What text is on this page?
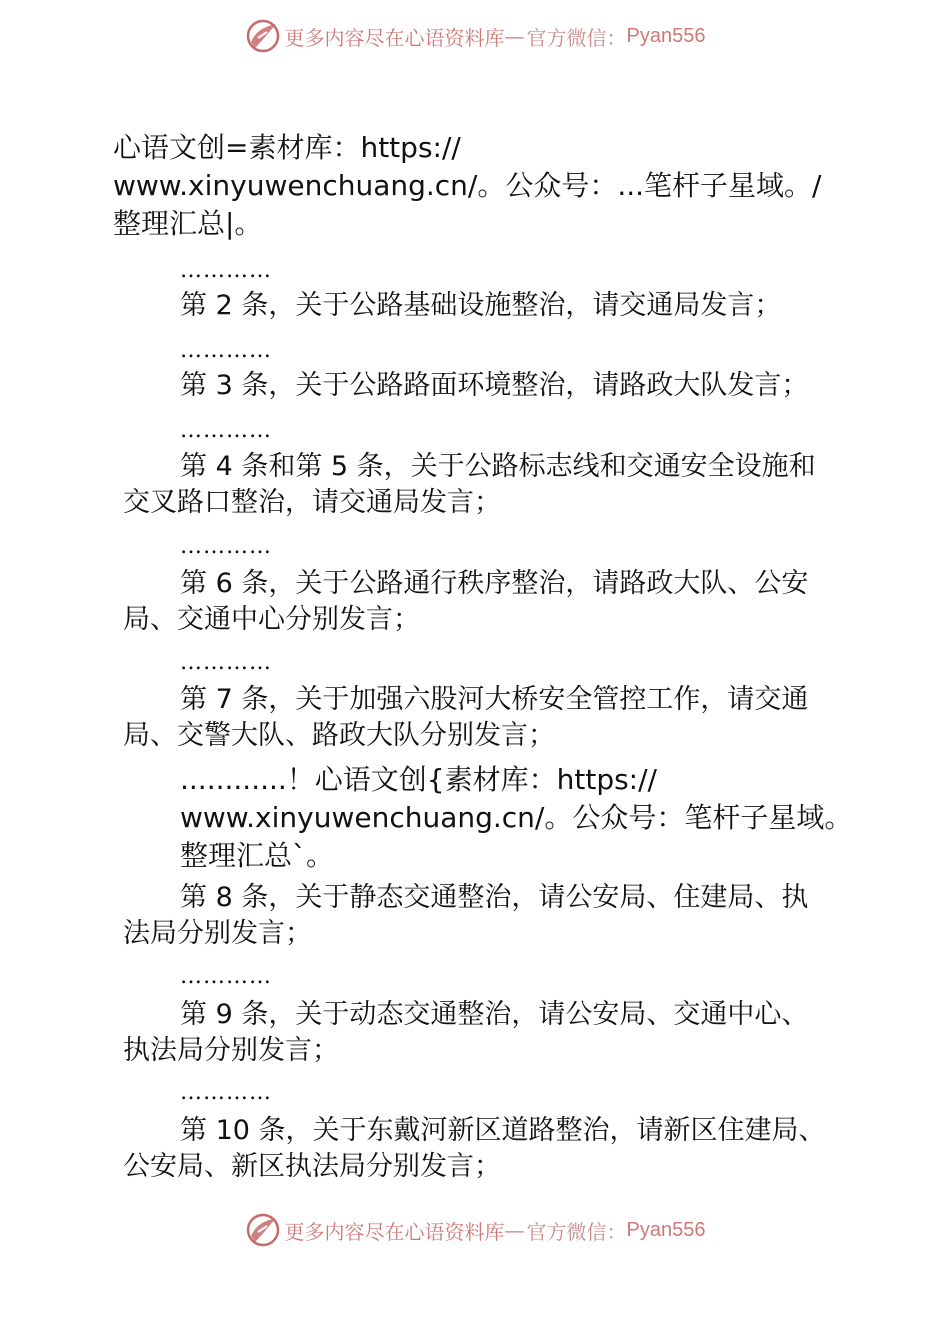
更多内容尽在心语资料库 — 官方微信： Pyan556
心语文创=素材库：https://
www.xinyuwenchuang.cn/。公众号：...笔杆子星域。/
整理汇总|。
…………
第 2 条，关于公路基础设施整治，请交通局发言；
…………
第 3 条，关于公路路面环境整治，请路政大队发言；
…………
第 4 条和第 5 条，关于公路标志线和交通安全设施和
交叉路口整治，请交通局发言；
…………
第 6 条，关于公路通行秩序整治，请路政大队、公安
局、交通中心分别发言；
…………
第 7 条，关于加强六股河大桥安全管控工作，请交通
局、交警大队、路政大队分别发言；
............！心语文创{素材库：https://
www.xinyuwenchuang.cn/。公众号：笔杆子星域。
整理汇总`。
第 8 条，关于静态交通整治，请公安局、住建局、执
法局分别发言；
…………
第 9 条，关于动态交通整治，请公安局、交通中心、
执法局分别发言；
…………
第 10 条，关于东戴河新区道路整治，请新区住建局、
公安局、新区执法局分别发言；
更多内容尽在心语资料库 — 官方微信： Pyan556
